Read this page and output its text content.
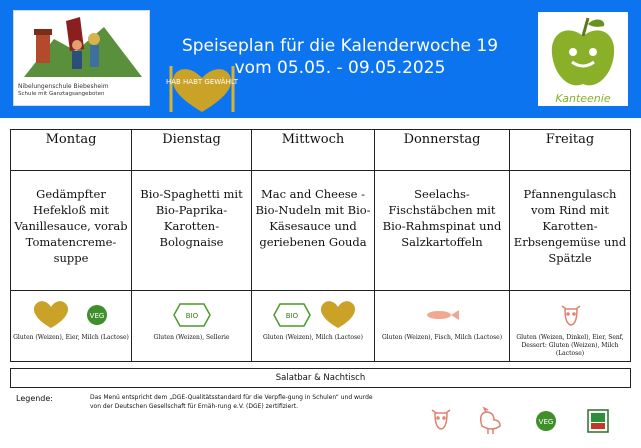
Nibelungenschule Biebesheim
Schule mit Ganztagsangeboten
Speiseplan für die Kalenderwoche 19
vom 05.05. - 09.05.2025
HAB HABT GEWÄHLT
Kanteenie
Montag
Gedämpfter Hefekloß mit Vanillesauce, vorab Tomatencreme-suppe
VEG
Gluten (Weizen), Eier, Milch (Lactose)
Dienstag
Bio-Spaghetti mit Bio-Paprika-Karotten-Bolognaise
BIO
Gluten (Weizen), Sellerie
Mittwoch
Mac and Cheese - Bio-Nudeln mit Bio-Käsesauce und geriebenen Gouda
BIO
Gluten (Weizen), Milch (Lactose)
Donnerstag
Seelachs-Fischstäbchen mit Bio-Rahmspinat und Salzkartoffeln
Gluten (Weizen), Fisch, Milch (Lactose)
Freitag
Pfannengulasch vom Rind mit Karotten-Erbsengemüse und Spätzle
Gluten (Weizen, Dinkel), Eier, Senf, Dessert: Gluten (Weizen), Milch (Lactose)
Salatbar & Nachtisch
Legende:	Das Menü entspricht dem „DGE-Qualitätsstandard für die Verpfle-gung in Schulen“ und wurde von der Deutschen Gesellschaft für Ernäh-rung e.V. (DGE) zertifiziert.
VEG
